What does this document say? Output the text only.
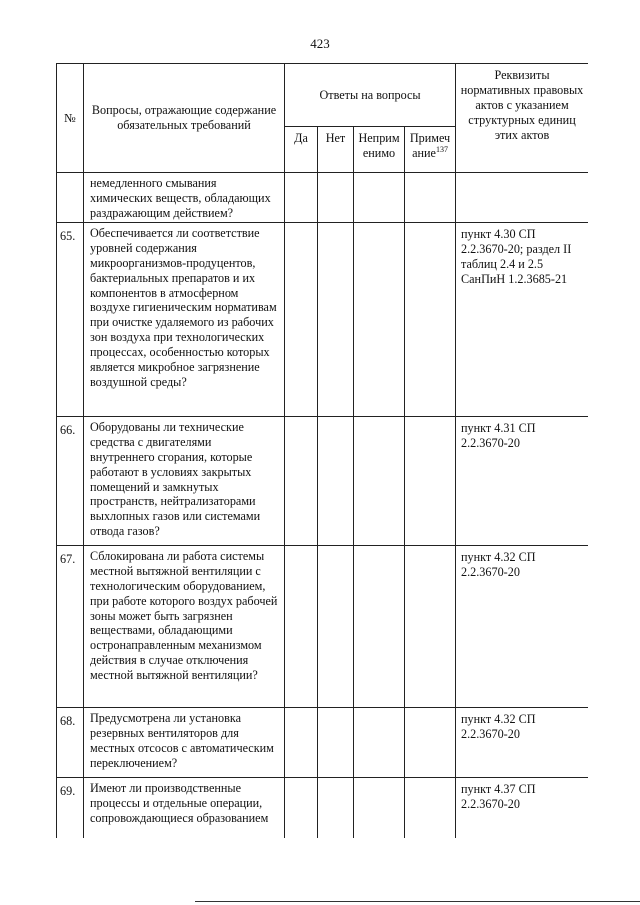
423
№	Вопросы, отражающие содержание обязательных требований	Ответы на вопросы				Реквизиты нормативных правовых актов с указанием структурных единиц этих актов
		Да	Нет	Неприм енимо	Примеч ание$^{137}$
	немедленного смывания химических веществ, обладающих раздражающим действием?					
65.	Обеспечивается ли соответствие уровней содержания микроорганизмов-продуцентов, бактериальных препаратов и их компонентов в атмосферном воздухе гигиеническим нормативам при очистке удаляемого из рабочих зон воздуха при технологических процессах, особенностью которых является микробное загрязнение воздушной среды?					пункт 4.30 СП 2.2.3670-20; раздел II таблиц 2.4 и 2.5 СанПиН 1.2.3685-21
66.	Оборудованы ли технические средства с двигателями внутреннего сгорания, которые работают в условиях закрытых помещений и замкнутых пространств, нейтрализаторами выхлопных газов или системами отвода газов?					пункт 4.31 СП 2.2.3670-20
67.	Сблокирована ли работа системы местной вытяжной вентиляции с технологическим оборудованием, при работе которого воздух рабочей зоны может быть загрязнен веществами, обладающими остронаправленным механизмом действия в случае отключения местной вытяжной вентиляции?					пункт 4.32 СП 2.2.3670-20
68.	Предусмотрена ли установка резервных вентиляторов для местных отсосов с автоматическим переключением?					пункт 4.32 СП 2.2.3670-20
69.	Имеют ли производственные процессы и отдельные операции, сопровождающиеся образованием					пункт 4.37 СП 2.2.3670-20
